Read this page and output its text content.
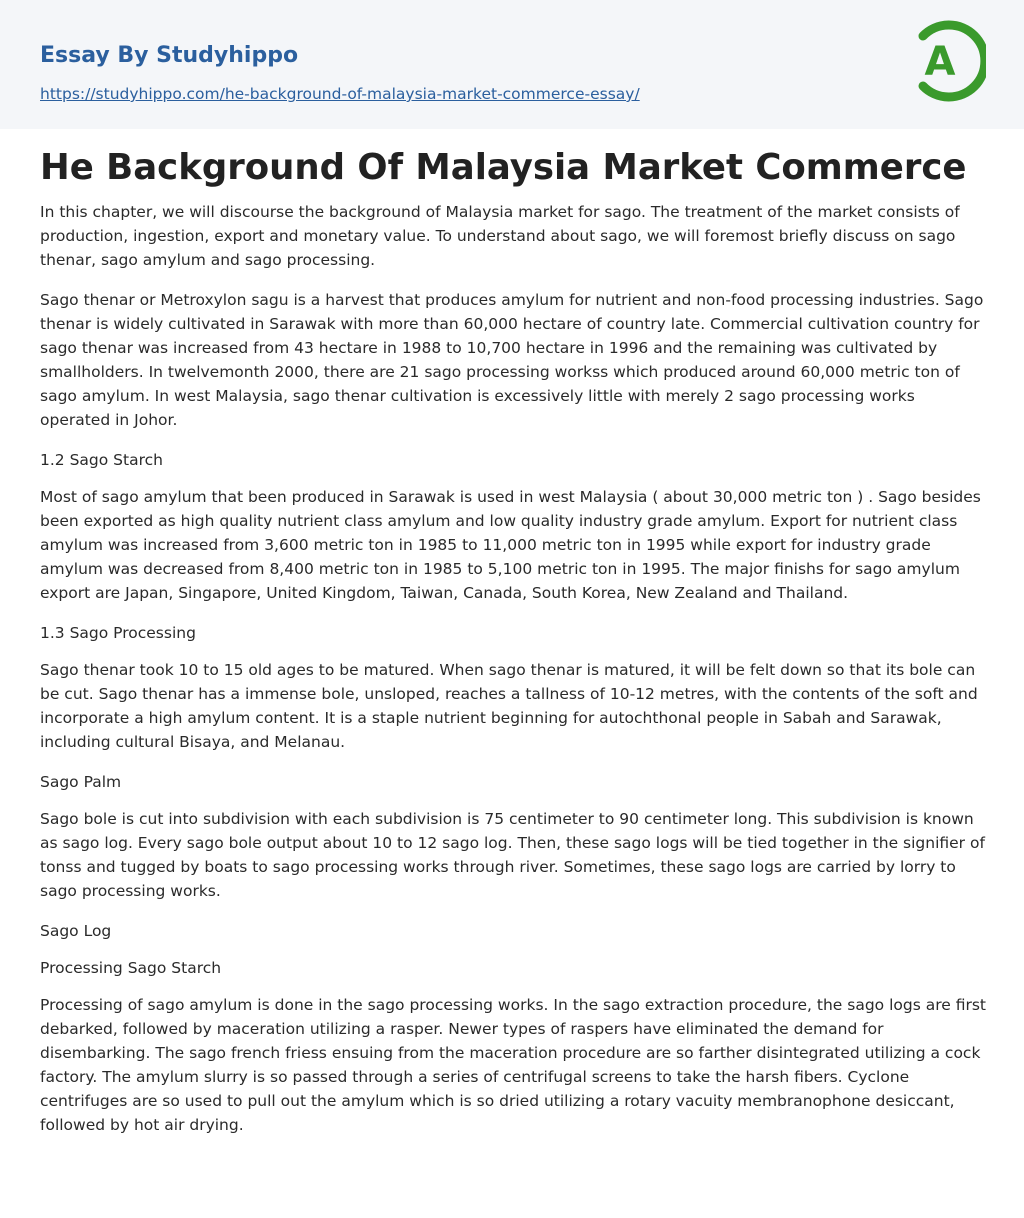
Essay By Studyhippo
https://studyhippo.com/he-background-of-malaysia-market-commerce-essay/
A
He Background Of Malaysia Market Commerce

In this chapter, we will discourse the background of Malaysia market for sago. The treatment of the market consists of production, ingestion, export and monetary value. To understand about sago, we will foremost briefly discuss on sago thenar, sago amylum and sago processing.

Sago thenar or Metroxylon sagu is a harvest that produces amylum for nutrient and non-food processing industries. Sago thenar is widely cultivated in Sarawak with more than 60,000 hectare of country late. Commercial cultivation country for sago thenar was increased from 43 hectare in 1988 to 10,700 hectare in 1996 and the remaining was cultivated by smallholders. In twelvemonth 2000, there are 21 sago processing workss which produced around 60,000 metric ton of sago amylum. In west Malaysia, sago thenar cultivation is excessively little with merely 2 sago processing works operated in Johor.

1.2 Sago Starch

Most of sago amylum that been produced in Sarawak is used in west Malaysia ( about 30,000 metric ton ) . Sago besides been exported as high quality nutrient class amylum and low quality industry grade amylum. Export for nutrient class amylum was increased from 3,600 metric ton in 1985 to 11,000 metric ton in 1995 while export for industry grade amylum was decreased from 8,400 metric ton in 1985 to 5,100 metric ton in 1995. The major finishs for sago amylum export are Japan, Singapore, United Kingdom, Taiwan, Canada, South Korea, New Zealand and Thailand.

1.3 Sago Processing

Sago thenar took 10 to 15 old ages to be matured. When sago thenar is matured, it will be felt down so that its bole can be cut. Sago thenar has a immense bole, unsloped, reaches a tallness of 10-12 metres, with the contents of the soft and incorporate a high amylum content. It is a staple nutrient beginning for autochthonal people in Sabah and Sarawak, including cultural Bisaya, and Melanau.

Sago Palm

Sago bole is cut into subdivision with each subdivision is 75 centimeter to 90 centimeter long. This subdivision is known as sago log. Every sago bole output about 10 to 12 sago log. Then, these sago logs will be tied together in the signifier of tonss and tugged by boats to sago processing works through river. Sometimes, these sago logs are carried by lorry to sago processing works.

Sago Log

Processing Sago Starch

Processing of sago amylum is done in the sago processing works. In the sago extraction procedure, the sago logs are first debarked, followed by maceration utilizing a rasper. Newer types of raspers have eliminated the demand for disembarking. The sago french friess ensuing from the maceration procedure are so farther disintegrated utilizing a cock factory. The amylum slurry is so passed through a series of centrifugal screens to take the harsh fibers. Cyclone centrifuges are so used to pull out the amylum which is so dried utilizing a rotary vacuity membranophone desiccant, followed by hot air drying.
